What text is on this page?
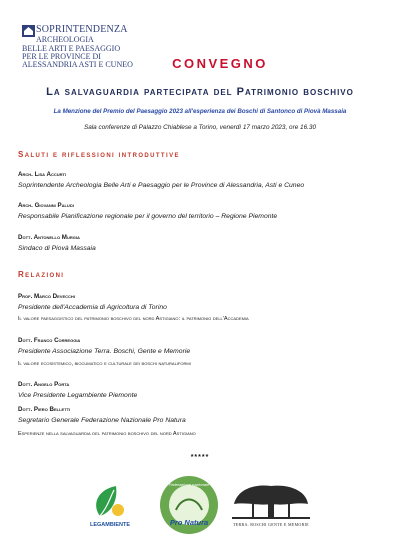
SOPRINTENDENZA
ARCHEOLOGIA
BELLE ARTI E PAESAGGIO
PER LE PROVINCE DI
ALESSANDRIA ASTI E CUNEO	CONVEGNO
La salvaguardia partecipata del Patrimonio boschivo
La Menzione del Premio del Paesaggio 2023 all'esperienza dei Boschi di Santonco di Piovà Massaia
Sala conferenze di Palazzo Chiablese a Torino, venerdì 17 marzo 2023, ore 16.30
Saluti e riflessioni introduttive
Arch. Lisa Accurti
Soprintendente Archeologia Belle Arti e Paesaggio per le Province di Alessandria, Asti e Cuneo
Arch. Giovanni Paludi
Responsabile Pianificazione regionale per il governo del territorio – Regione Piemonte
Dott. Antonello Murgia
Sindaco di Piovà Massaia
Relazioni
Prof. Marco Devecchi
Presidente dell'Accademia di Agricoltura di Torino
Il valore paesaggistico del patrimonio boschivo del nord Astigiano: il patrimonio dell'Accademia
Dott. Franco Correggia
Presidente Associazione Terra. Boschi, Gente e Memorie
Il valore ecosistemico, biocumatico e culturale dei boschi naturaliformi
Dott. Angelo Porta
Vice Presidente Legambiente Piemonte
Dott. Piero Belletti
Segretario Generale Federazione Nazionale Pro Natura
Esperienze nella salvaguardia del patrimonio boschivo del nord Astigiano
*****
LEGAMBIENTE
Federazione nazionale
Pro Natura	TERRA. BOSCHI GENTE E MEMORIE
